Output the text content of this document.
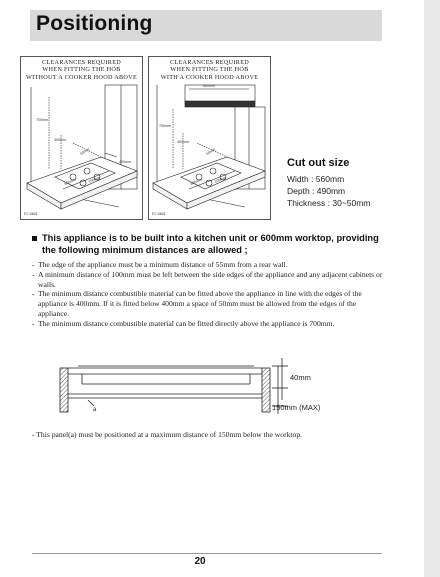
Positioning
CLEARANCES REQUIRED
WHEN FITTING THE HOB
WITHOUT A COOKER HOOD ABOVE
700mm
400mm
50mm
400mm
600mm	100mm
FC.0801
CLEARANCES REQUIRED
WHEN FITTING THE HOB
WITH A COOKER HOOD ABOVE
600mm
700mm
400mm
50mm
600mm	100mm
FC.0801
Cut out size
Width : 560mm
Depth : 490mm
Thickness : 30~50mm
This appliance is to be built into a kitchen unit or 600mm worktop, providing the following minimum distances are allowed ;
- The edge of the appliance must be a minimum distance of 55mm from a rear wall.
- A minimum distance of 100mm must be left between the side edges of the appliance and any adjacent cabinets or walls.
- The minimum distance combustible material can be fitted above the appliance in line with the edges of the appliance is 400mm. If it is fitted below 400mm a space of 50mm must be allowed from the edges of the appliance.
- The minimum distance combustible material can be fitted directly above the appliance is 700mm.
40mm
150mm (MAX)
a
- This panel(a) must be positioned at a maximum distance of 150mm below the worktop.
20
